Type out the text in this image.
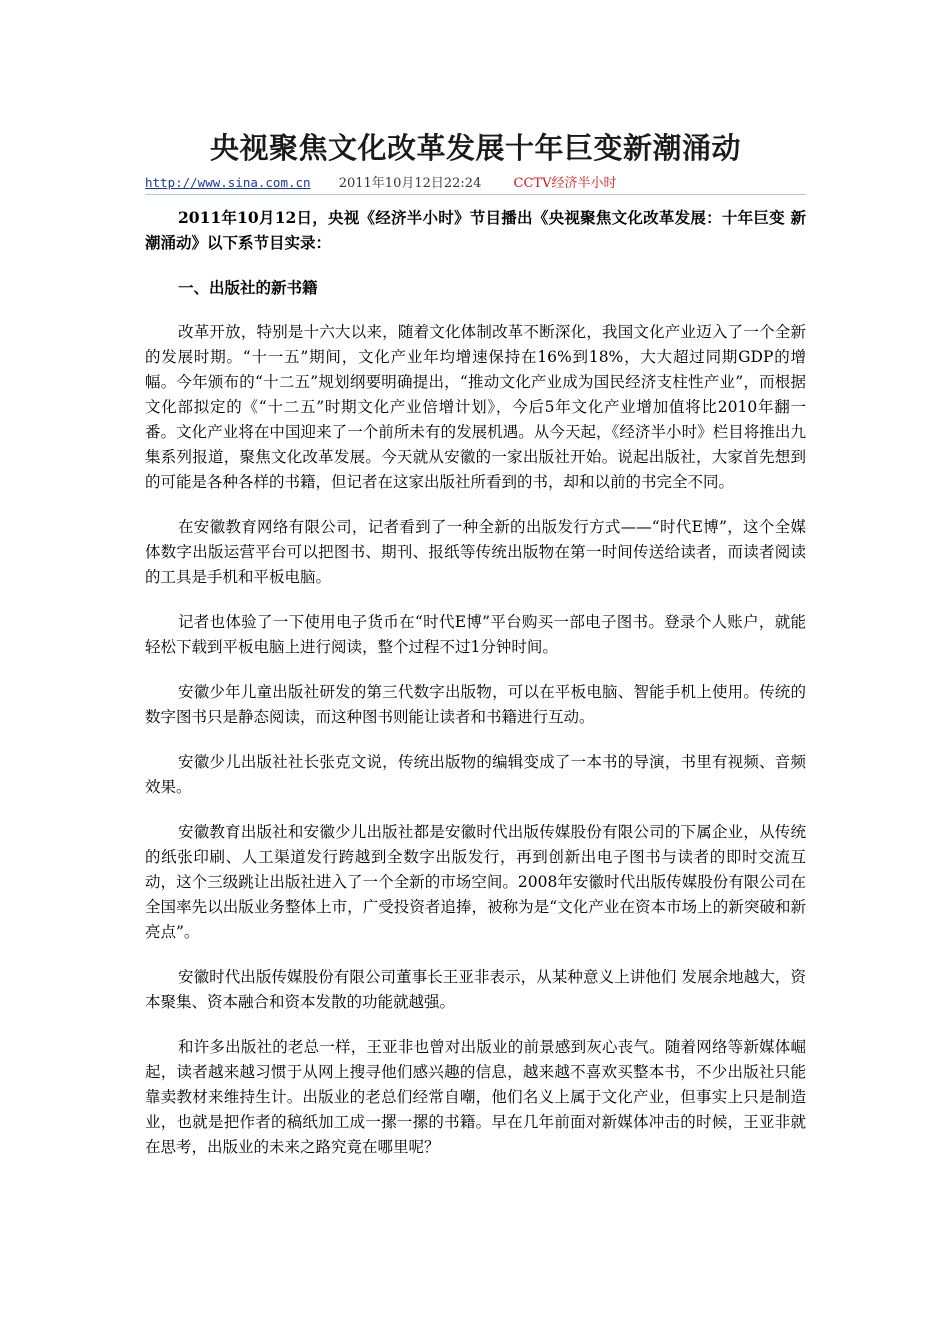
央视聚焦文化改革发展十年巨变新潮涌动
http://www.sina.com.cn 2011年10月12日22:24 CCTV经济半小时

2011年10月12日，央视《经济半小时》节目播出《央视聚焦文化改革发展：十年巨变 新潮涌动》以下系节目实录：

一、出版社的新书籍

改革开放，特别是十六大以来，随着文化体制改革不断深化，我国文化产业迈入了一个全新的发展时期。“十一五”期间，文化产业年均增速保持在16%到18%，大大超过同期GDP的增幅。今年颁布的“十二五”规划纲要明确提出，“推动文化产业成为国民经济支柱性产业”，而根据文化部拟定的《“十二五”时期文化产业倍增计划》，今后5年文化产业增加值将比2010年翻一番。文化产业将在中国迎来了一个前所未有的发展机遇。从今天起，《经济半小时》栏目将推出九集系列报道，聚焦文化改革发展。今天就从安徽的一家出版社开始。说起出版社，大家首先想到的可能是各种各样的书籍，但记者在这家出版社所看到的书，却和以前的书完全不同。

在安徽教育网络有限公司，记者看到了一种全新的出版发行方式——“时代E博”，这个全媒体数字出版运营平台可以把图书、期刊、报纸等传统出版物在第一时间传送给读者，而读者阅读的工具是手机和平板电脑。

记者也体验了一下使用电子货币在“时代E博”平台购买一部电子图书。登录个人账户，就能轻松下载到平板电脑上进行阅读，整个过程不过1分钟时间。

安徽少年儿童出版社研发的第三代数字出版物，可以在平板电脑、智能手机上使用。传统的数字图书只是静态阅读，而这种图书则能让读者和书籍进行互动。

安徽少儿出版社社长张克文说，传统出版物的编辑变成了一本书的导演，书里有视频、音频效果。

安徽教育出版社和安徽少儿出版社都是安徽时代出版传媒股份有限公司的下属企业，从传统的纸张印刷、人工渠道发行跨越到全数字出版发行，再到创新出电子图书与读者的即时交流互动，这个三级跳让出版社进入了一个全新的市场空间。2008年安徽时代出版传媒股份有限公司在全国率先以出版业务整体上市，广受投资者追捧，被称为是“文化产业在资本市场上的新突破和新亮点”。

安徽时代出版传媒股份有限公司董事长王亚非表示，从某种意义上讲他们 发展余地越大，资本聚集、资本融合和资本发散的功能就越强。

和许多出版社的老总一样，王亚非也曾对出版业的前景感到灰心丧气。随着网络等新媒体崛起，读者越来越习惯于从网上搜寻他们感兴趣的信息，越来越不喜欢买整本书，不少出版社只能靠卖教材来维持生计。出版业的老总们经常自嘲，他们名义上属于文化产业，但事实上只是制造业，也就是把作者的稿纸加工成一摞一摞的书籍。早在几年前面对新媒体冲击的时候，王亚非就在思考，出版业的未来之路究竟在哪里呢？
